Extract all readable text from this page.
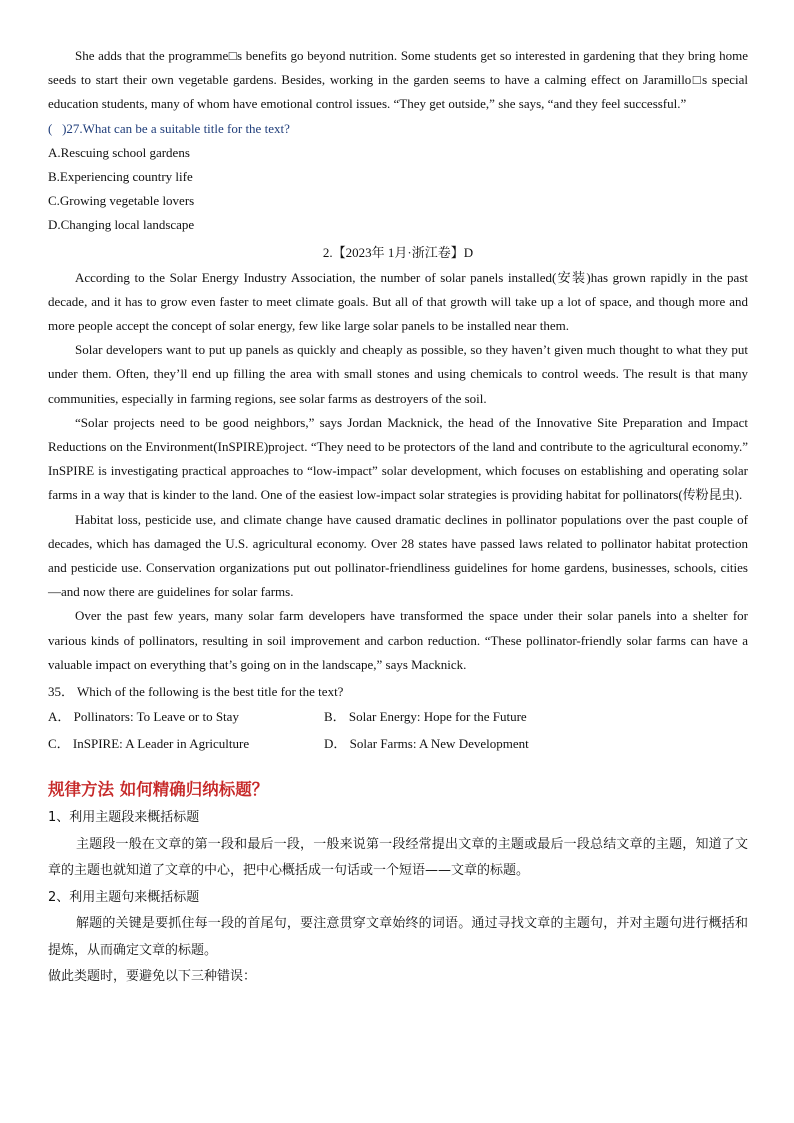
She adds that the programme□s benefits go beyond nutrition. Some students get so interested in gardening that they bring home seeds to start their own vegetable gardens. Besides, working in the garden seems to have a calming effect on Jaramillo□s special education students, many of whom have emotional control issues. “They get outside,” she says, “and they feel successful.”

(   )27.What can be a suitable title for the text?

A.Rescuing school gardens

B.Experiencing country life

C.Growing vegetable lovers

D.Changing local landscape

2.【2023年 1月·浙江卷】D

According to the Solar Energy Industry Association, the number of solar panels installed(安装)has grown rapidly in the past decade, and it has to grow even faster to meet climate goals. But all of that growth will take up a lot of space, and though more and more people accept the concept of solar energy, few like large solar panels to be installed near them.

Solar developers want to put up panels as quickly and cheaply as possible, so they haven’t given much thought to what they put under them. Often, they’ll end up filling the area with small stones and using chemicals to control weeds. The result is that many communities, especially in farming regions, see solar farms as destroyers of the soil.

“Solar projects need to be good neighbors,” says Jordan Macknick, the head of the Innovative Site Preparation and Impact Reductions on the Environment(InSPIRE)project. “They need to be protectors of the land and contribute to the agricultural economy.” InSPIRE is investigating practical approaches to “low-impact” solar development, which focuses on establishing and operating solar farms in a way that is kinder to the land. One of the easiest low-impact solar strategies is providing habitat for pollinators(传粉昆虫).

Habitat loss, pesticide use, and climate change have caused dramatic declines in pollinator populations over the past couple of decades, which has damaged the U.S. agricultural economy. Over 28 states have passed laws related to pollinator habitat protection and pesticide use. Conservation organizations put out pollinator-friendliness guidelines for home gardens, businesses, schools, cities—and now there are guidelines for solar farms.

Over the past few years, many solar farm developers have transformed the space under their solar panels into a shelter for various kinds of pollinators, resulting in soil improvement and carbon reduction. “These pollinator-friendly solar farms can have a valuable impact on everything that’s going on in the landscape,” says Macknick.

35． Which of the following is the best title for the text?

A． Pollinators: To Leave or to Stay	B． Solar Energy: Hope for the Future
C． InSPIRE: A Leader in Agriculture	D． Solar Farms: A New Development

规律方法 如何精确归纳标题？

1、利用主题段来概括标题

主题段一般在文章的第一段和最后一段，一般来说第一段经常提出文章的主题或最后一段总结文章的主题，知道了文章的主题也就知道了文章的中心，把中心概括成一句话或一个短语——文章的标题。

2、利用主题句来概括标题

解题的关键是要抓住每一段的首尾句，要注意贯穿文章始终的词语。通过寻找文章的主题句，并对主题句进行概括和提炼，从而确定文章的标题。

做此类题时，要避免以下三种错误：
